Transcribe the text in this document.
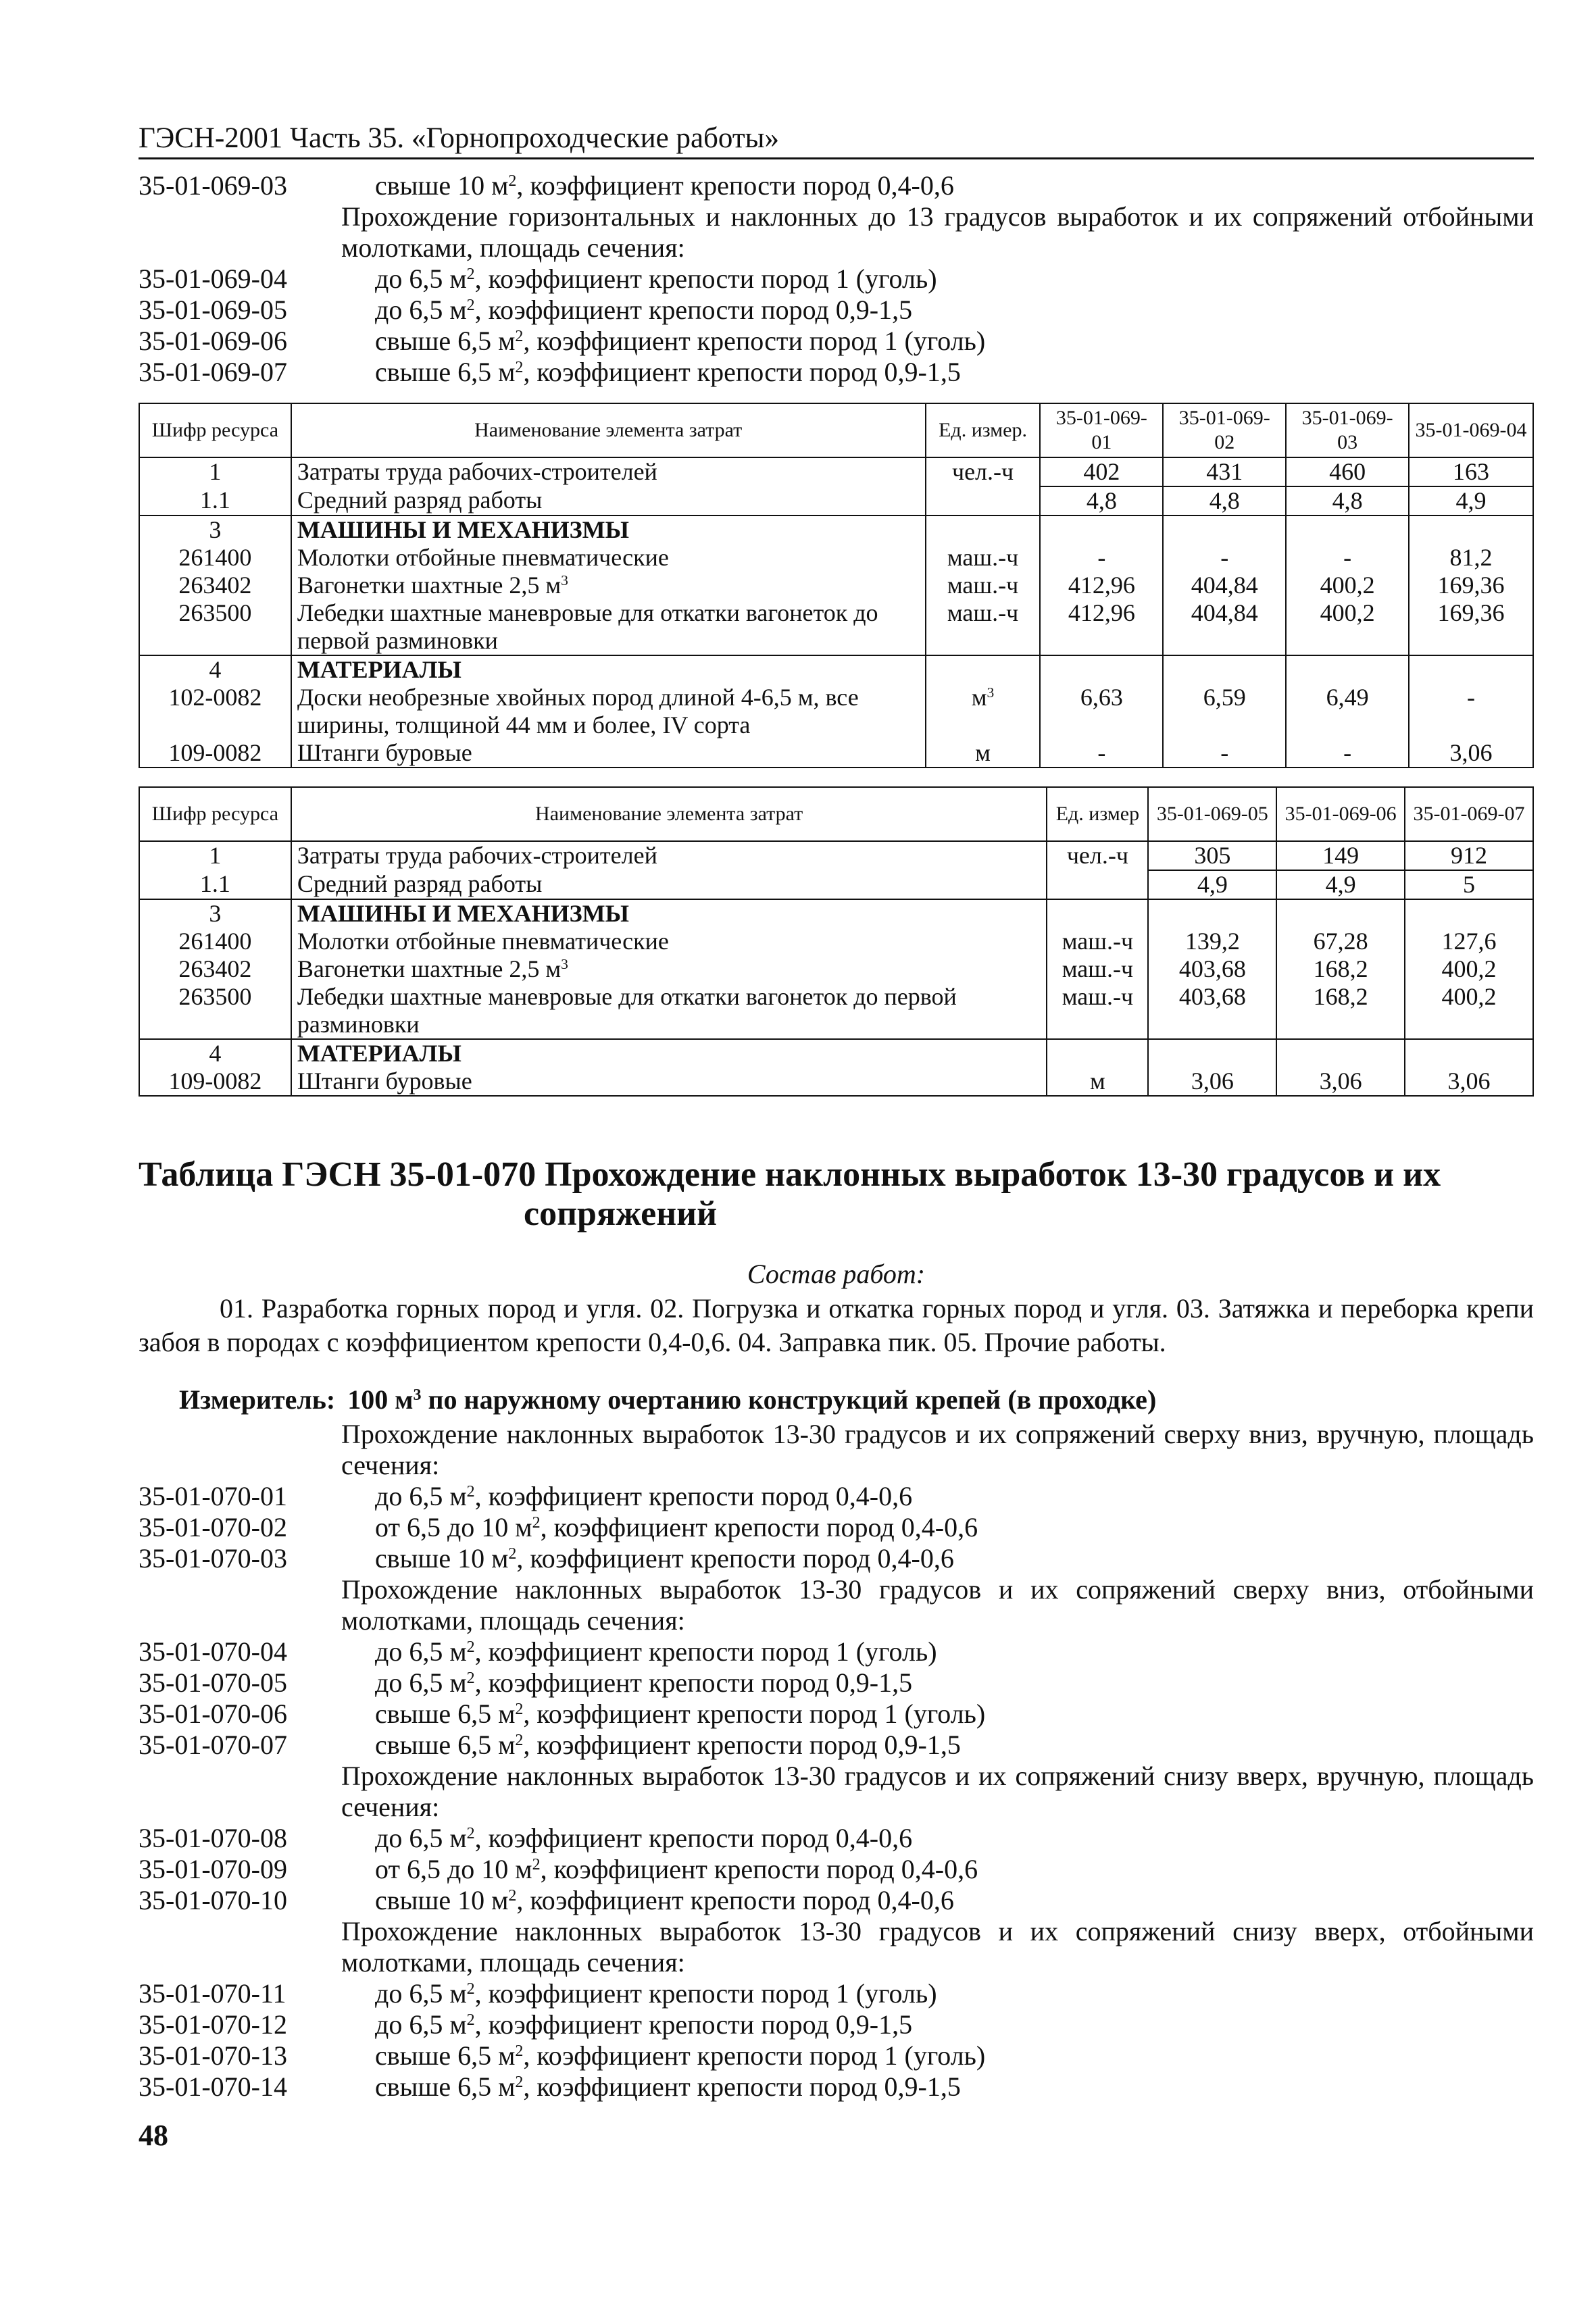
ГЭСН-2001 Часть 35. «Горнопроходческие работы»
35-01-069-03	свыше 10 $м^2$, коэффициент крепости пород 0,4-0,6
Прохождение горизонтальных и наклонных до 13 градусов выработок и их сопряжений отбойными молотками, площадь сечения:
35-01-069-04	до 6,5 $м^2$, коэффициент крепости пород 1 (уголь)
35-01-069-05	до 6,5 $м^2$, коэффициент крепости пород 0,9-1,5
35-01-069-06	свыше 6,5 $м^2$, коэффициент крепости пород 1 (уголь)
35-01-069-07	свыше 6,5 $м^2$, коэффициент крепости пород 0,9-1,5
Шифр ресурса	Наименование элемента затрат	Ед. измер.	35-01-069-01	35-01-069-02	35-01-069-03	35-01-069-04
1	Затраты труда рабочих-строителей	чел.-ч	402	431	460	163
1.1	Средний разряд работы		4,8	4,8	4,8	4,9
3	МАШИНЫ И МЕХАНИЗМЫ					
261400	Молотки отбойные пневматические	маш.-ч	-	-	-	81,2
263402	Вагонетки шахтные 2,5 $м^3$	маш.-ч	412,96	404,84	400,2	169,36
263500	Лебедки шахтные маневровые для откатки вагонеток до первой разминовки	маш.-ч	412,96	404,84	400,2	169,36
4	МАТЕРИАЛЫ					
102-0082	Доски необрезные хвойных пород длиной 4-6,5 м, все ширины, толщиной 44 мм и более, IV сорта	$м^3$	6,63	6,59	6,49	-
109-0082	Штанги буровые	м	-	-	-	3,06
Шифр ресурса	Наименование элемента затрат	Ед. измер	35-01-069-05	35-01-069-06	35-01-069-07
1	Затраты труда рабочих-строителей	чел.-ч	305	149	912
1.1	Средний разряд работы		4,9	4,9	5
3	МАШИНЫ И МЕХАНИЗМЫ				
261400	Молотки отбойные пневматические	маш.-ч	139,2	67,28	127,6
263402	Вагонетки шахтные 2,5 $м^3$	маш.-ч	403,68	168,2	400,2
263500	Лебедки шахтные маневровые для откатки вагонеток до первой разминовки	маш.-ч	403,68	168,2	400,2
4	МАТЕРИАЛЫ				
109-0082	Штанги буровые	м	3,06	3,06	3,06
Таблица ГЭСН 35-01-070 Прохождение наклонных выработок 13-30 градусов и их
сопряжений
Состав работ:
01. Разработка горных пород и угля. 02. Погрузка и откатка горных пород и угля. 03. Затяжка и переборка крепи забоя в породах с коэффициентом крепости 0,4-0,6. 04. Заправка пик. 05. Прочие работы.
Измеритель: 100 $м^3$ по наружному очертанию конструкций крепей (в проходке)
Прохождение наклонных выработок 13-30 градусов и их сопряжений сверху вниз, вручную, площадь сечения:
35-01-070-01	до 6,5 $м^2$, коэффициент крепости пород 0,4-0,6
35-01-070-02	от 6,5 до 10 $м^2$, коэффициент крепости пород 0,4-0,6
35-01-070-03	свыше 10 $м^2$, коэффициент крепости пород 0,4-0,6
Прохождение наклонных выработок 13-30 градусов и их сопряжений сверху вниз, отбойными молотками, площадь сечения:
35-01-070-04	до 6,5 $м^2$, коэффициент крепости пород 1 (уголь)
35-01-070-05	до 6,5 $м^2$, коэффициент крепости пород 0,9-1,5
35-01-070-06	свыше 6,5 $м^2$, коэффициент крепости пород 1 (уголь)
35-01-070-07	свыше 6,5 $м^2$, коэффициент крепости пород 0,9-1,5
Прохождение наклонных выработок 13-30 градусов и их сопряжений снизу вверх, вручную, площадь сечения:
35-01-070-08	до 6,5 $м^2$, коэффициент крепости пород 0,4-0,6
35-01-070-09	от 6,5 до 10 $м^2$, коэффициент крепости пород 0,4-0,6
35-01-070-10	свыше 10 $м^2$, коэффициент крепости пород 0,4-0,6
Прохождение наклонных выработок 13-30 градусов и их сопряжений снизу вверх, отбойными молотками, площадь сечения:
35-01-070-11	до 6,5 $м^2$, коэффициент крепости пород 1 (уголь)
35-01-070-12	до 6,5 $м^2$, коэффициент крепости пород 0,9-1,5
35-01-070-13	свыше 6,5 $м^2$, коэффициент крепости пород 1 (уголь)
35-01-070-14	свыше 6,5 $м^2$, коэффициент крепости пород 0,9-1,5
48
